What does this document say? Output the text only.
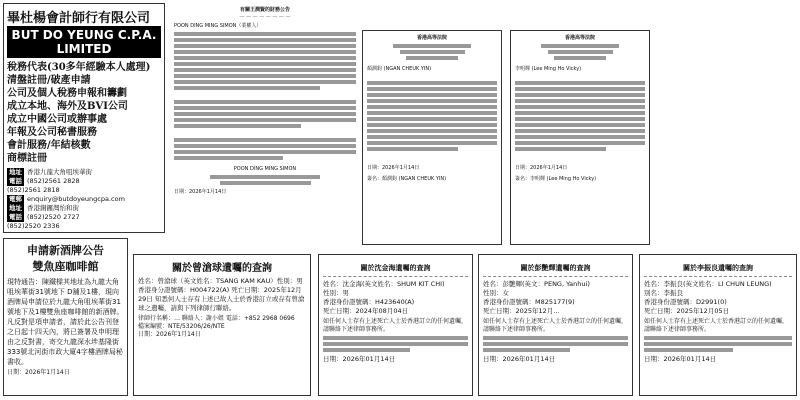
畢杜楊會計師行有限公司
BUT DO YEUNG C.P.A. LIMITED
稅務代表(30多年經驗本人處理)
清盤註冊/破產申請
公司及個人稅務申報和籌劃
成立本地、海外及BVI公司
成立中國公司或辦事處
年報及公司秘書服務
會計服務/年結核數
商標註冊
地址 香港九龍大角咀埃華街
電話 (852)2561 2828
(852)2561 2818
電郵 enquiry@butdoyeungcpa.com
地址 香港銅鑼灣怡和街
電話 (852)2520 2727
(852)2520 2336
申請新酒牌公告
雙魚座咖啡館
現特通告：陳鐵樑其地址為九龍大角咀埃華街31號地下 D舖及1樓，現向酒牌局申請位於九龍大角咀埃華街31號地下及1樓雙魚座咖啡館的新酒牌。凡反對是項申請者，請於此公告刊登之日起十四天內，將已簽署及申明理由之反對書，寄交九龍深水埗基隆街333號北河街市政大廈4字樓酒牌局秘書收。
日期：2026年1月14日
有關王潤賢的財務公告
— — — — — — — —
POON DING MING SIMON（業權人）
POON DING MING SIMON
日期：2026年1月14日
香港高等法院
顏潤鈞 (NGAN CHEUK YIN)
日期：2026年1月14日
簽名：顏潤鈞 (NGAN CHEUK YIN)
香港高等法院
李明輝 (Lee Ming Ho Vicky)
日期：2026年1月14日
簽名：李明輝 (Lee Ming Ho Vicky)
關於曾滄球遺囑的查詢
姓名：曾滄球（英文姓名：TSANG KAM KAU）性別：男 香港身分證號碼：H004722(A) 死亡日期：2025年12月29日 知悉何人士存有上述已故人士於香港訂立或存有曾滄球之遺囑，請與下列律師行聯絡。
律師行名稱：… 聯絡人：謝小姐 電話：+852 2968 0696
檔案編號：NTE/53206/26/NTE
日期：2026年1月14日
關於沈金海遺囑的查詢
姓名：沈金海(英文姓名：SHUM KIT CHI)
性別：男
香港身份證號碼：H423640(A)
死亡日期：2024年08月04日
如任何人士存有上述死亡人士於香港訂立的任何遺囑，請聯絡下述律師事務所。
日期：2026年01月14日
關於彭艷輝遺囑的查詢
姓名：彭艷輝(英文：PENG, Yanhui)
性別：女
香港身份證號碼：M825177(9)
死亡日期：2025年12月...
如任何人士存有上述死亡人士於香港訂立的任何遺囑，請聯絡下述律師事務所。
日期：2026年01月14日
關於李振良遺囑的查詢
姓名：李振良(英文姓名：LI CHUN LEUNG)
別名：李振良
香港身份證號碼：D2991(0)
死亡日期：2025年12月05日
如任何人士存有上述死亡人士於香港訂立的任何遺囑，請聯絡下述律師事務所。
日期：2026年01月14日
